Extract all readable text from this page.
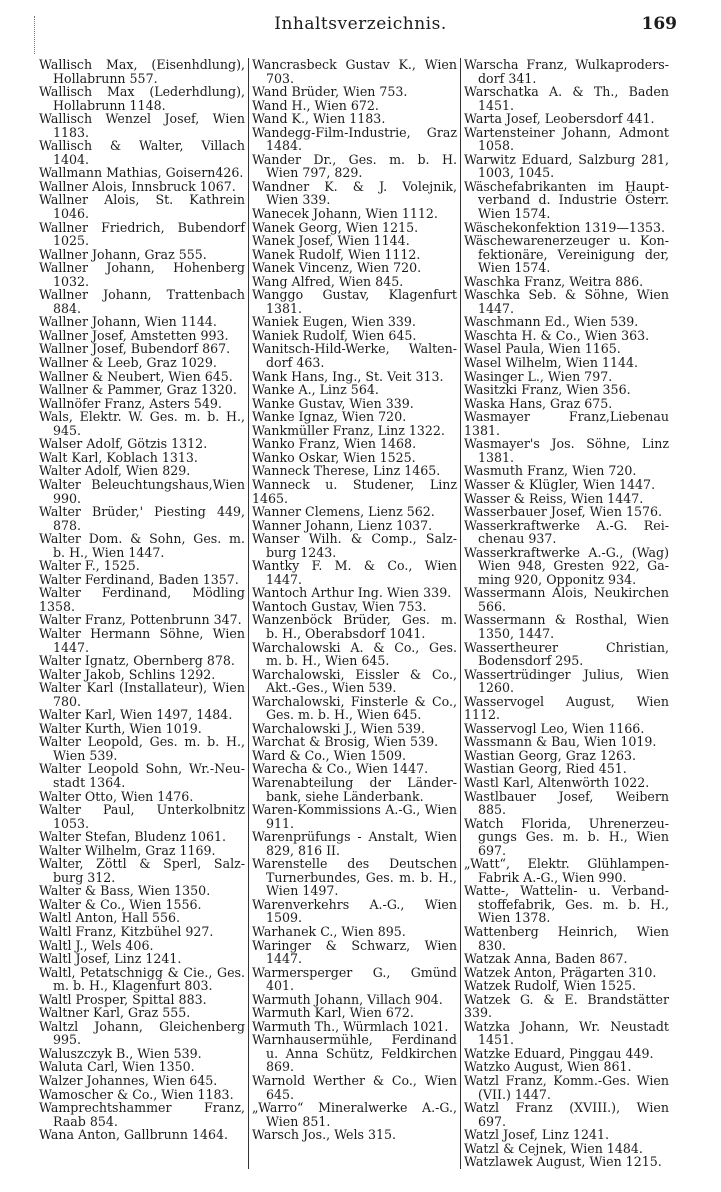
Inhaltsverzeichnis.	169
Wallisch Max, (Eisenhdlung),
Hollabrunn 557.
Wallisch Max (Lederhdlung),
Hollabrunn 1148.
Wallisch Wenzel Josef, Wien
1183.
Wallisch & Walter, Villach
1404.
Wallmann Mathias, Goisern426.
Wallner Alois, Innsbruck 1067.
Wallner Alois, St. Kathrein
1046.
Wallner Friedrich, Bubendorf
1025.
Wallner Johann, Graz 555.
Wallner Johann, Hohenberg
1032.
Wallner Johann, Trattenbach
884.
Wallner Johann, Wien 1144.
Wallner Josef, Amstetten 993.
Wallner Josef, Bubendorf 867.
Wallner & Leeb, Graz 1029.
Wallner & Neubert, Wien 645.
Wallner & Pammer, Graz 1320.
Wallnöfer Franz, Asters 549.
Wals, Elektr. W. Ges. m. b. H.,
945.
Walser Adolf, Götzis 1312.
Walt Karl, Koblach 1313.
Walter Adolf, Wien 829.
Walter Beleuchtungshaus,Wien
990.
Walter Brüder,' Piesting 449,
878.
Walter Dom. & Sohn, Ges. m.
b. H., Wien 1447.
Walter F., 1525.
Walter Ferdinand, Baden 1357.
Walter Ferdinand, Mödling 1358.
Walter Franz, Pottenbrunn 347.
Walter Hermann Söhne, Wien
1447.
Walter Ignatz, Obernberg 878.
Walter Jakob, Schlins 1292.
Walter Karl (Installateur), Wien
780.
Walter Karl, Wien 1497, 1484.
Walter Kurth, Wien 1019.
Walter Leopold, Ges. m. b. H.,
Wien 539.
Walter Leopold Sohn, Wr.-Neu-
stadt 1364.
Walter Otto, Wien 1476.
Walter Paul, Unterkolbnitz
1053.
Walter Stefan, Bludenz 1061.
Walter Wilhelm, Graz 1169.
Walter, Zöttl & Sperl, Salz-
burg 312.
Walter & Bass, Wien 1350.
Walter & Co., Wien 1556.
Waltl Anton, Hall 556.
Waltl Franz, Kitzbühel 927.
Waltl J., Wels 406.
Waltl Josef, Linz 1241.
Waltl, Petatschnigg & Cie., Ges.
m. b. H., Klagenfurt 803.
Waltl Prosper, Spittal 883.
Waltner Karl, Graz 555.
Waltzl Johann, Gleichenberg
995.
Waluszczyk B., Wien 539.
Waluta Carl, Wien 1350.
Walzer Johannes, Wien 645.
Wamoscher & Co., Wien 1183.
Wamprechtshammer Franz,
Raab 854.
Wana Anton, Gallbrunn 1464.
Wancrasbeck Gustav K., Wien
703.
Wand Brüder, Wien 753.
Wand H., Wien 672.
Wand K., Wien 1183.
Wandegg-Film-Industrie, Graz
1484.
Wander Dr., Ges. m. b. H.
Wien 797, 829.
Wandner K. & J. Volejnik,
Wien 339.
Wanecek Johann, Wien 1112.
Wanek Georg, Wien 1215.
Wanek Josef, Wien 1144.
Wanek Rudolf, Wien 1112.
Wanek Vincenz, Wien 720.
Wang Alfred, Wien 845.
Wanggo Gustav, Klagenfurt
1381.
Waniek Eugen, Wien 339.
Waniek Rudolf, Wien 645.
Wanitsch-Hild-Werke, Walten-
dorf 463.
Wank Hans, Ing., St. Veit 313.
Wanke A., Linz 564.
Wanke Gustav, Wien 339.
Wanke Ignaz, Wien 720.
Wankmüller Franz, Linz 1322.
Wanko Franz, Wien 1468.
Wanko Oskar, Wien 1525.
Wanneck Therese, Linz 1465.
Wanneck u. Studener, Linz 1465.
Wanner Clemens, Lienz 562.
Wanner Johann, Lienz 1037.
Wanser Wilh. & Comp., Salz-
burg 1243.
Wantky F. M. & Co., Wien
1447.
Wantoch Arthur Ing. Wien 339.
Wantoch Gustav, Wien 753.
Wanzenböck Brüder, Ges. m.
b. H., Oberabsdorf 1041.
Warchalowski A. & Co., Ges.
m. b. H., Wien 645.
Warchalowski, Eissler & Co.,
Akt.-Ges., Wien 539.
Warchalowski, Finsterle & Co.,
Ges. m. b. H., Wien 645.
Warchalowski J., Wien 539.
Warchat & Brosig, Wien 539.
Ward & Co., Wien 1509.
Warecha & Co., Wien 1447.
Warenabteilung der Länder-
bank, siehe Länderbank.
Waren-Kommissions A.-G., Wien
911.
Warenprüfungs - Anstalt, Wien
829, 816 II.
Warenstelle des Deutschen
Turnerbundes, Ges. m. b. H.,
Wien 1497.
Warenverkehrs A.-G., Wien
1509.
Warhanek C., Wien 895.
Waringer & Schwarz, Wien
1447.
Warmersperger G., Gmünd
401.
Warmuth Johann, Villach 904.
Warmuth Karl, Wien 672.
Warmuth Th., Würmlach 1021.
Warnhausermühle, Ferdinand
u. Anna Schütz, Feldkirchen
869.
Warnold Werther & Co., Wien
645.
„Warro“ Mineralwerke A.-G.,
Wien 851.
Warsch Jos., Wels 315.
Warscha Franz, Wulkaproders-
dorf 341.
Warschatka A. & Th., Baden
1451.
Warta Josef, Leobersdorf 441.
Wartensteiner Johann, Admont
1058.
Warwitz Eduard, Salzburg 281,
1003, 1045.
Wäschefabrikanten im Haupt-
verband d. Industrie Österr.
Wien 1574.
Wäschekonfektion 1319—1353.
Wäschewarenerzeuger u. Kon-
fektionäre, Vereinigung der,
Wien 1574.
Waschka Franz, Weitra 886.
Waschka Seb. & Söhne, Wien
1447.
Waschmann Ed., Wien 539.
Waschta H. & Co., Wien 363.
Wasel Paula, Wien 1165.
Wasel Wilhelm, Wien 1144.
Wasinger L., Wien 797.
Wasitzki Franz, Wien 356.
Waska Hans, Graz 675.
Wasmayer Franz,Liebenau 1381.
Wasmayer's Jos. Söhne, Linz
1381.
Wasmuth Franz, Wien 720.
Wasser & Klügler, Wien 1447.
Wasser & Reiss, Wien 1447.
Wasserbauer Josef, Wien 1576.
Wasserkraftwerke A.-G. Rei-
chenau 937.
Wasserkraftwerke A.-G., (Wag)
Wien 948, Gresten 922, Ga-
ming 920, Opponitz 934.
Wassermann Alois, Neukirchen
566.
Wassermann & Rosthal, Wien
1350, 1447.
Wassertheurer Christian,
Bodensdorf 295.
Wassertrüdinger Julius, Wien
1260.
Wasservogel August, Wien 1112.
Wasservogl Leo, Wien 1166.
Wassmann & Bau, Wien 1019.
Wastian Georg, Graz 1263.
Wastian Georg, Ried 451.
Wastl Karl, Altenwörth 1022.
Wastlbauer Josef, Weibern
885.
Watch Florida, Uhrenerzeu-
gungs Ges. m. b. H., Wien
697.
„Watt“, Elektr. Glühlampen-
Fabrik A.-G., Wien 990.
Watte-, Wattelin- u. Verband-
stoffefabrik, Ges. m. b. H.,
Wien 1378.
Wattenberg Heinrich, Wien
830.
Watzak Anna, Baden 867.
Watzek Anton, Prägarten 310.
Watzek Rudolf, Wien 1525.
Watzek G. & E. Brandstätter 339.
Watzka Johann, Wr. Neustadt
1451.
Watzke Eduard, Pinggau 449.
Watzko August, Wien 861.
Watzl Franz, Komm.-Ges. Wien
(VII.) 1447.
Watzl Franz (XVIII.), Wien
697.
Watzl Josef, Linz 1241.
Watzl & Cejnek, Wien 1484.
Watzlawek August, Wien 1215.
